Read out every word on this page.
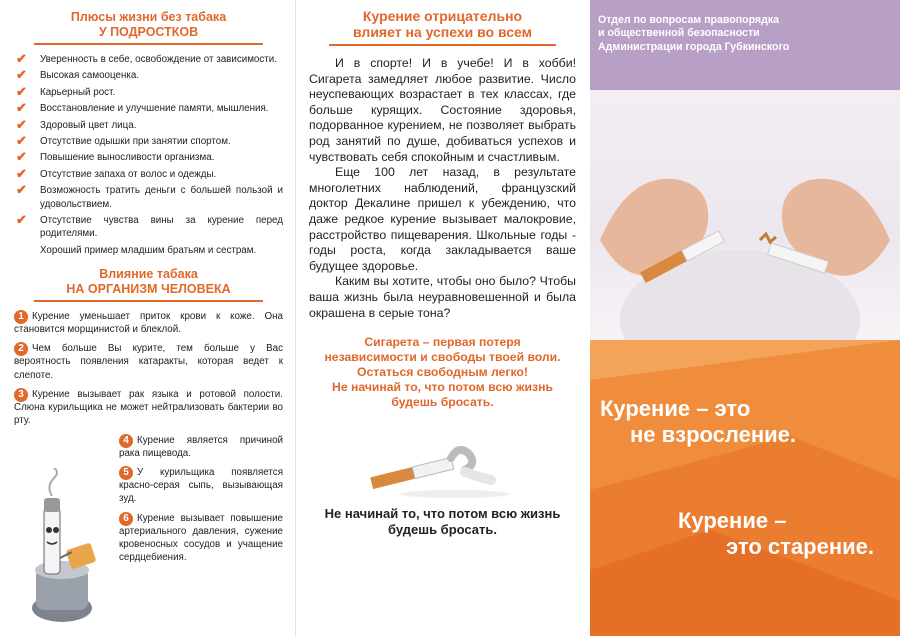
Плюсы жизни без табака
У ПОДРОСТКОВ
✔ Уверенность в себе, освобождение от зависимости.
✔ Высокая самооценка.
✔ Карьерный рост.
✔ Восстановление и улучшение памяти, мышления.
✔ Здоровый цвет лица.
✔ Отсутствие одышки при занятии спортом.
✔ Повышение выносливости организма.
✔ Отсутствие запаха от волос и одежды.
✔ Возможность тратить деньги с большей пользой и удовольствием.
✔ Отсутствие чувства вины за курение перед родителями.
Хороший пример младшим братьям и сестрам.
Влияние табака
НА ОРГАНИЗМ ЧЕЛОВЕКА
1 Курение уменьшает приток крови к коже. Она становится морщинистой и блеклой.
2 Чем больше Вы курите, тем больше у Вас вероятность появления катаракты, которая ведет к слепоте.
3 Курение вызывает рак языка и ротовой полости. Слюна курильщика не может нейтрализовать бактерии во рту.
4 Курение является причиной рака пищевода.
5 У курильщика появляется красно-серая сыпь, вызывающая зуд.
6 Курение вызывает повышение артериального давления, сужение кровеносных сосудов и учащение сердцебиения.
Курение отрицательно
влияет на успехи во всем

И в спорте! И в учебе! И в хобби! Сигарета замедляет любое развитие. Число неуспевающих возрастает в тех классах, где больше курящих. Состояние здоровья, подорванное курением, не позволяет выбрать род занятий по душе, добиваться успехов и чувствовать себя спокойным и счастливым.

Еще 100 лет назад, в результате многолетних наблюдений, французский доктор Декалине пришел к убеждению, что даже редкое курение вызывает малокровие, расстройство пищеварения. Школьные годы - годы роста, когда закладывается ваше будущее здоровье.

Каким вы хотите, чтобы оно было? Чтобы ваша жизнь была неуравновешенной и была окрашена в серые тона?

Сигарета – первая потеря
независимости и свободы твоей воли.
Остаться свободным легко!
Не начинай то, что потом всю жизнь
будешь бросать.
Не начинай то, что потом всю жизнь
будешь бросать.
Отдел по вопросам правопорядка
и общественной безопасности
Администрации города Губкинского
Курение – это
не взросление.
Курение –
это старение.
